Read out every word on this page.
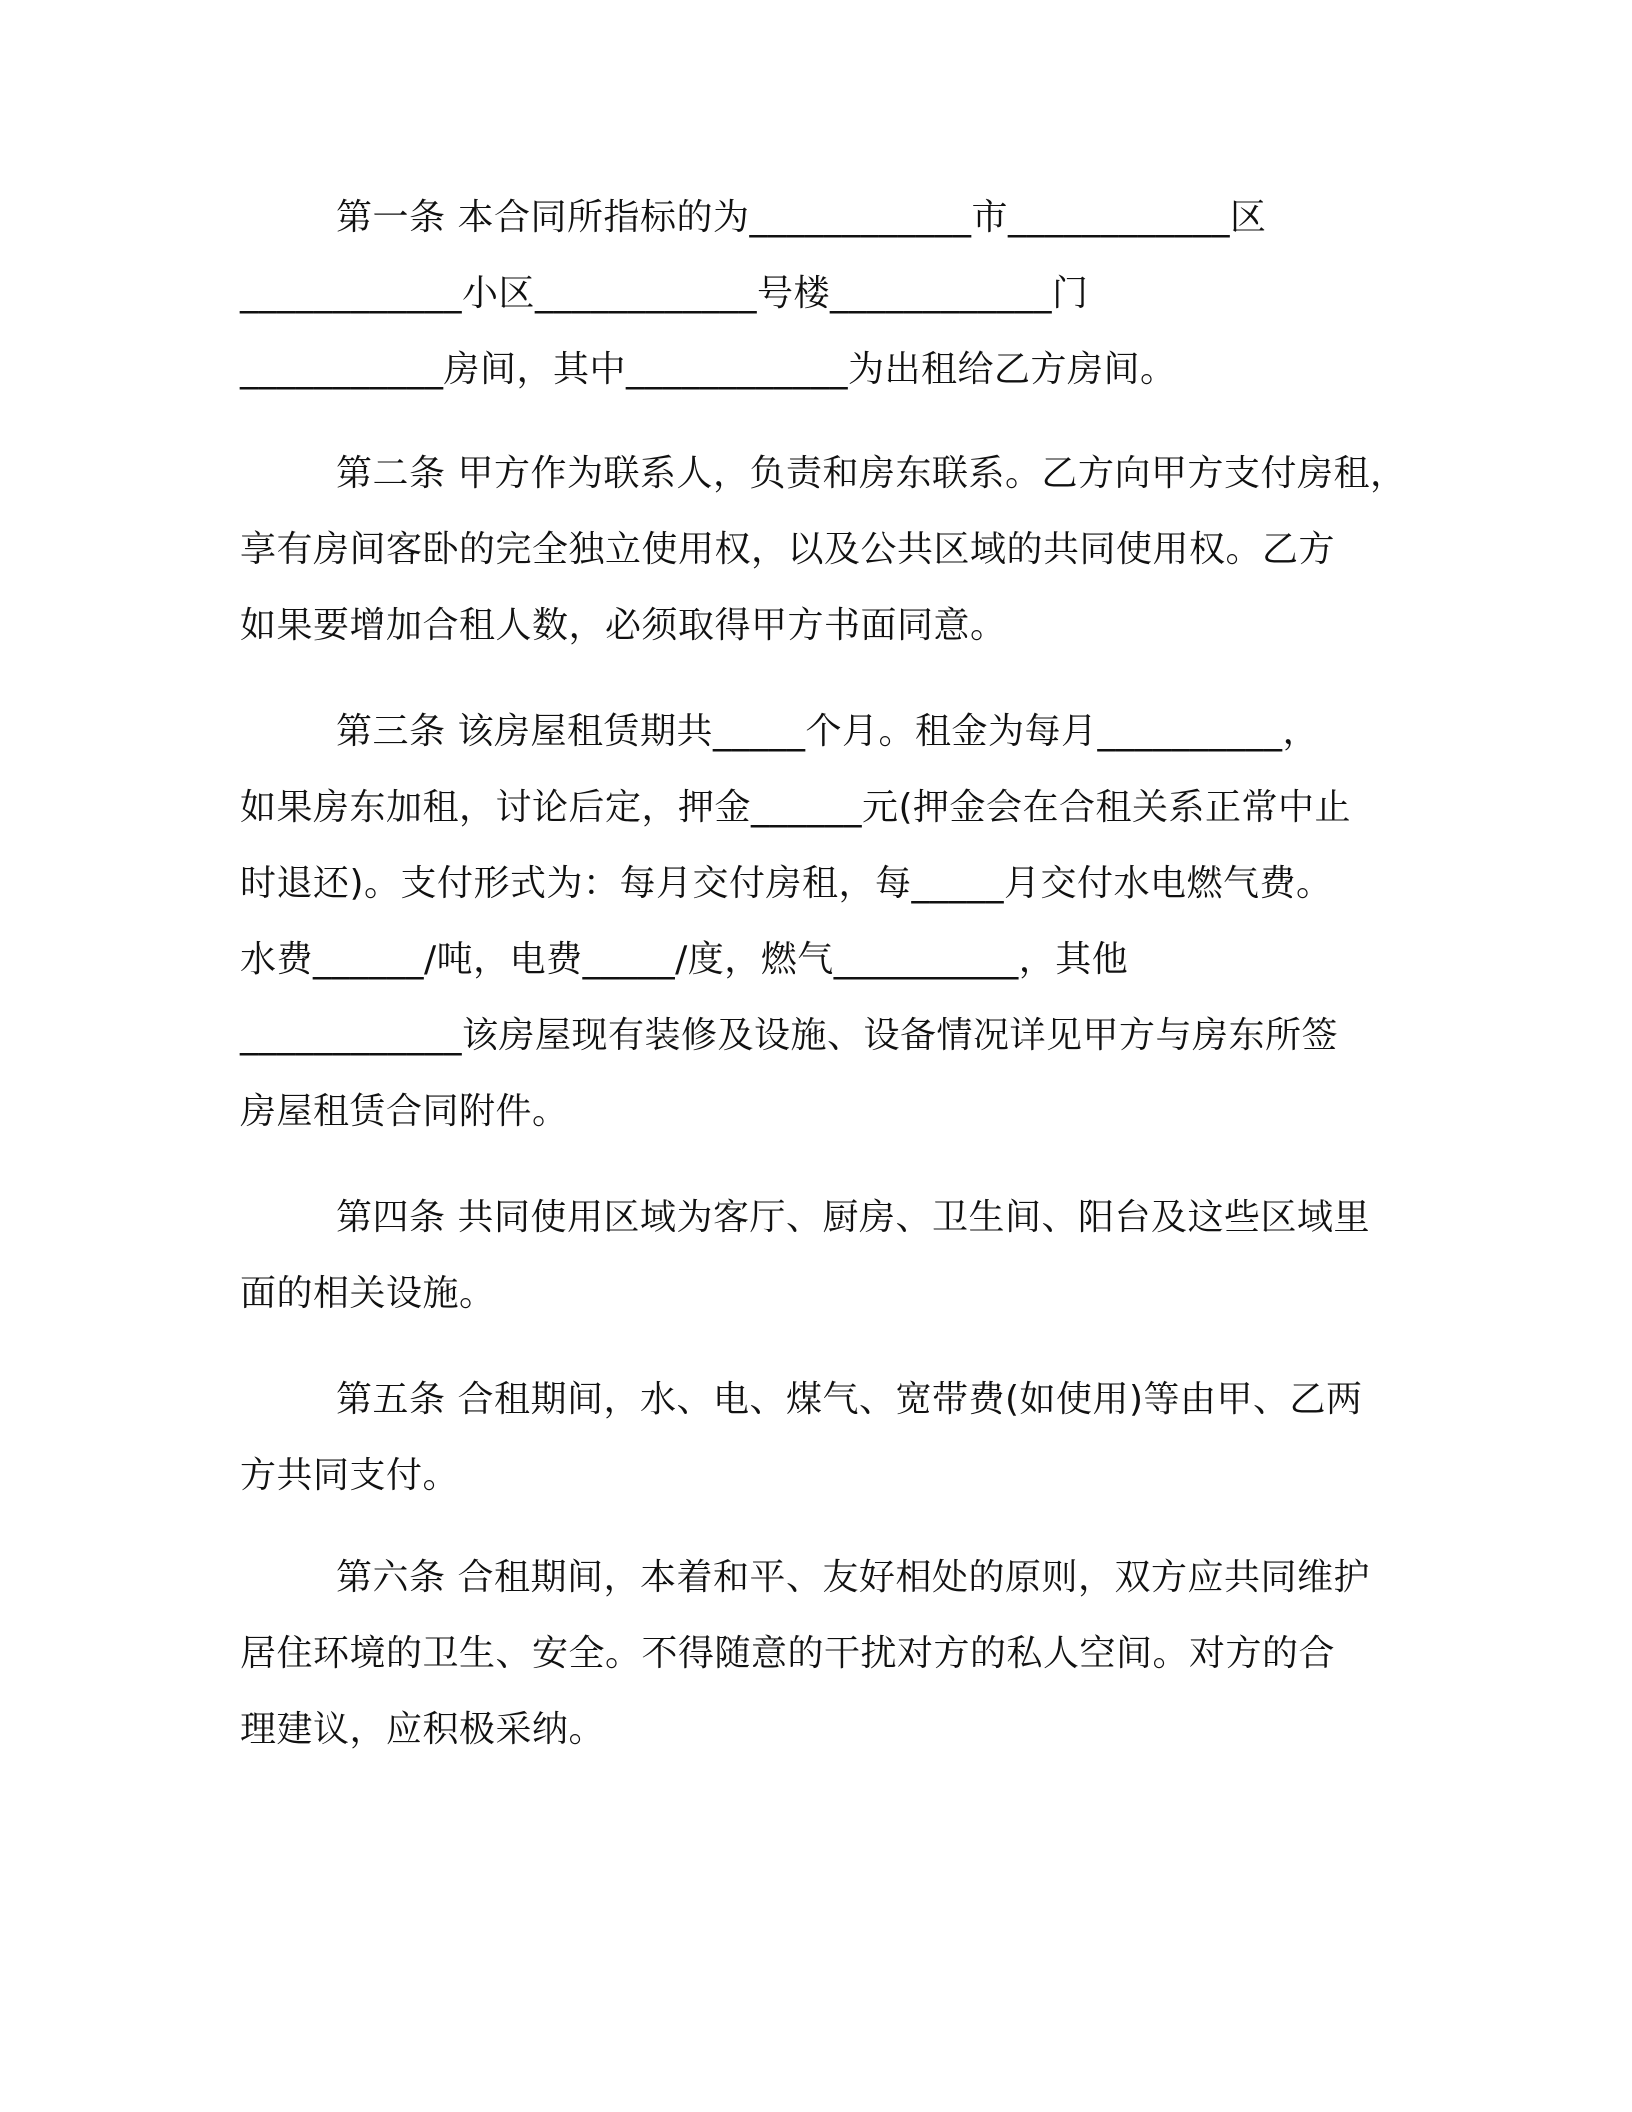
第一条 本合同所指标的为____________市____________区
____________小区____________号楼____________门
___________房间，其中____________为出租给乙方房间。
第二条 甲方作为联系人，负责和房东联系。乙方向甲方支付房租，
享有房间客卧的完全独立使用权，以及公共区域的共同使用权。乙方
如果要增加合租人数，必须取得甲方书面同意。
第三条 该房屋租赁期共_____个月。租金为每月__________，
如果房东加租，讨论后定，押金______元(押金会在合租关系正常中止
时退还)。支付形式为：每月交付房租，每_____月交付水电燃气费。
水费______/吨，电费_____/度，燃气__________，其他
____________该房屋现有装修及设施、设备情况详见甲方与房东所签
房屋租赁合同附件。
第四条 共同使用区域为客厅、厨房、卫生间、阳台及这些区域里
面的相关设施。
第五条 合租期间，水、电、煤气、宽带费(如使用)等由甲、乙两
方共同支付。
第六条 合租期间，本着和平、友好相处的原则，双方应共同维护
居住环境的卫生、安全。不得随意的干扰对方的私人空间。对方的合
理建议，应积极采纳。
